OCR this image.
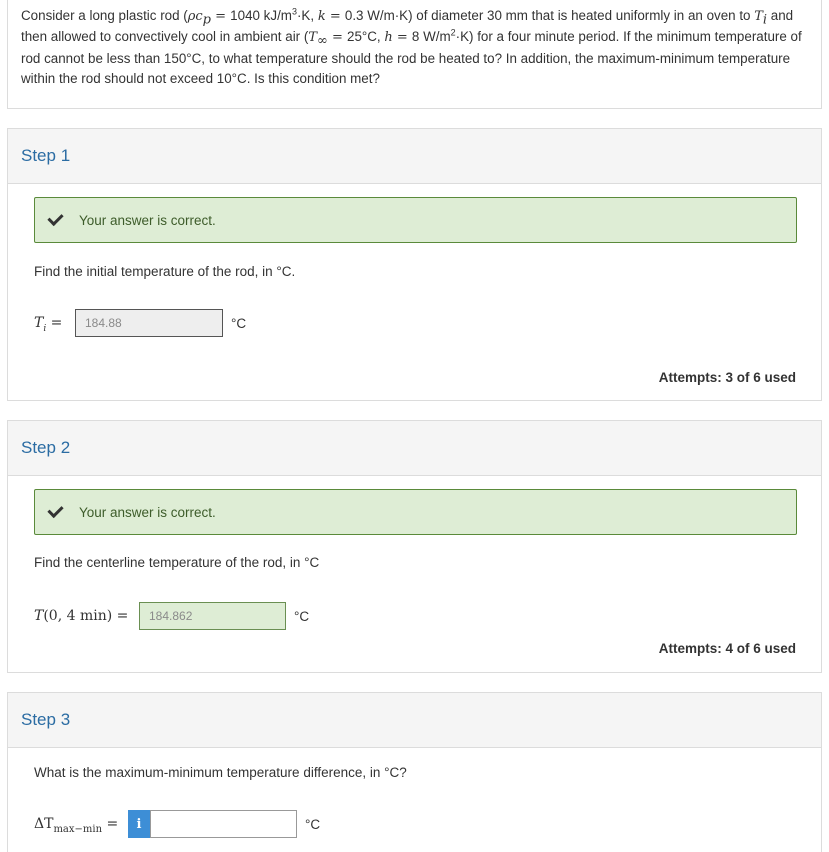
Consider a long plastic rod ($\rho c_p = 1040$ $kJ/m^3\cdot K$, k = 0.3 W/m·K) of diameter 30 mm that is heated uniformly in an oven to $T_i$ and then allowed to convectively cool in ambient air ($T_\infty = 25^\circ C$, h = 8 $W/m^2\cdot K$) for a four minute period. If the minimum temperature of rod cannot be less than 150°C, to what temperature should the rod be heated to? In addition, the maximum-minimum temperature within the rod should not exceed 10°C. Is this condition met?
Step 1
Your answer is correct.
Find the initial temperature of the rod, in °C.
$T_i$ =	184.88	°C
Attempts: 3 of 6 used
Step 2
Your answer is correct.
Find the centerline temperature of the rod, in °C
T(0, 4 min) =	184.862	°C
Attempts: 4 of 6 used
Step 3
What is the maximum-minimum temperature difference, in °C?
$\Delta T_{max-min}$ =	i	°C
